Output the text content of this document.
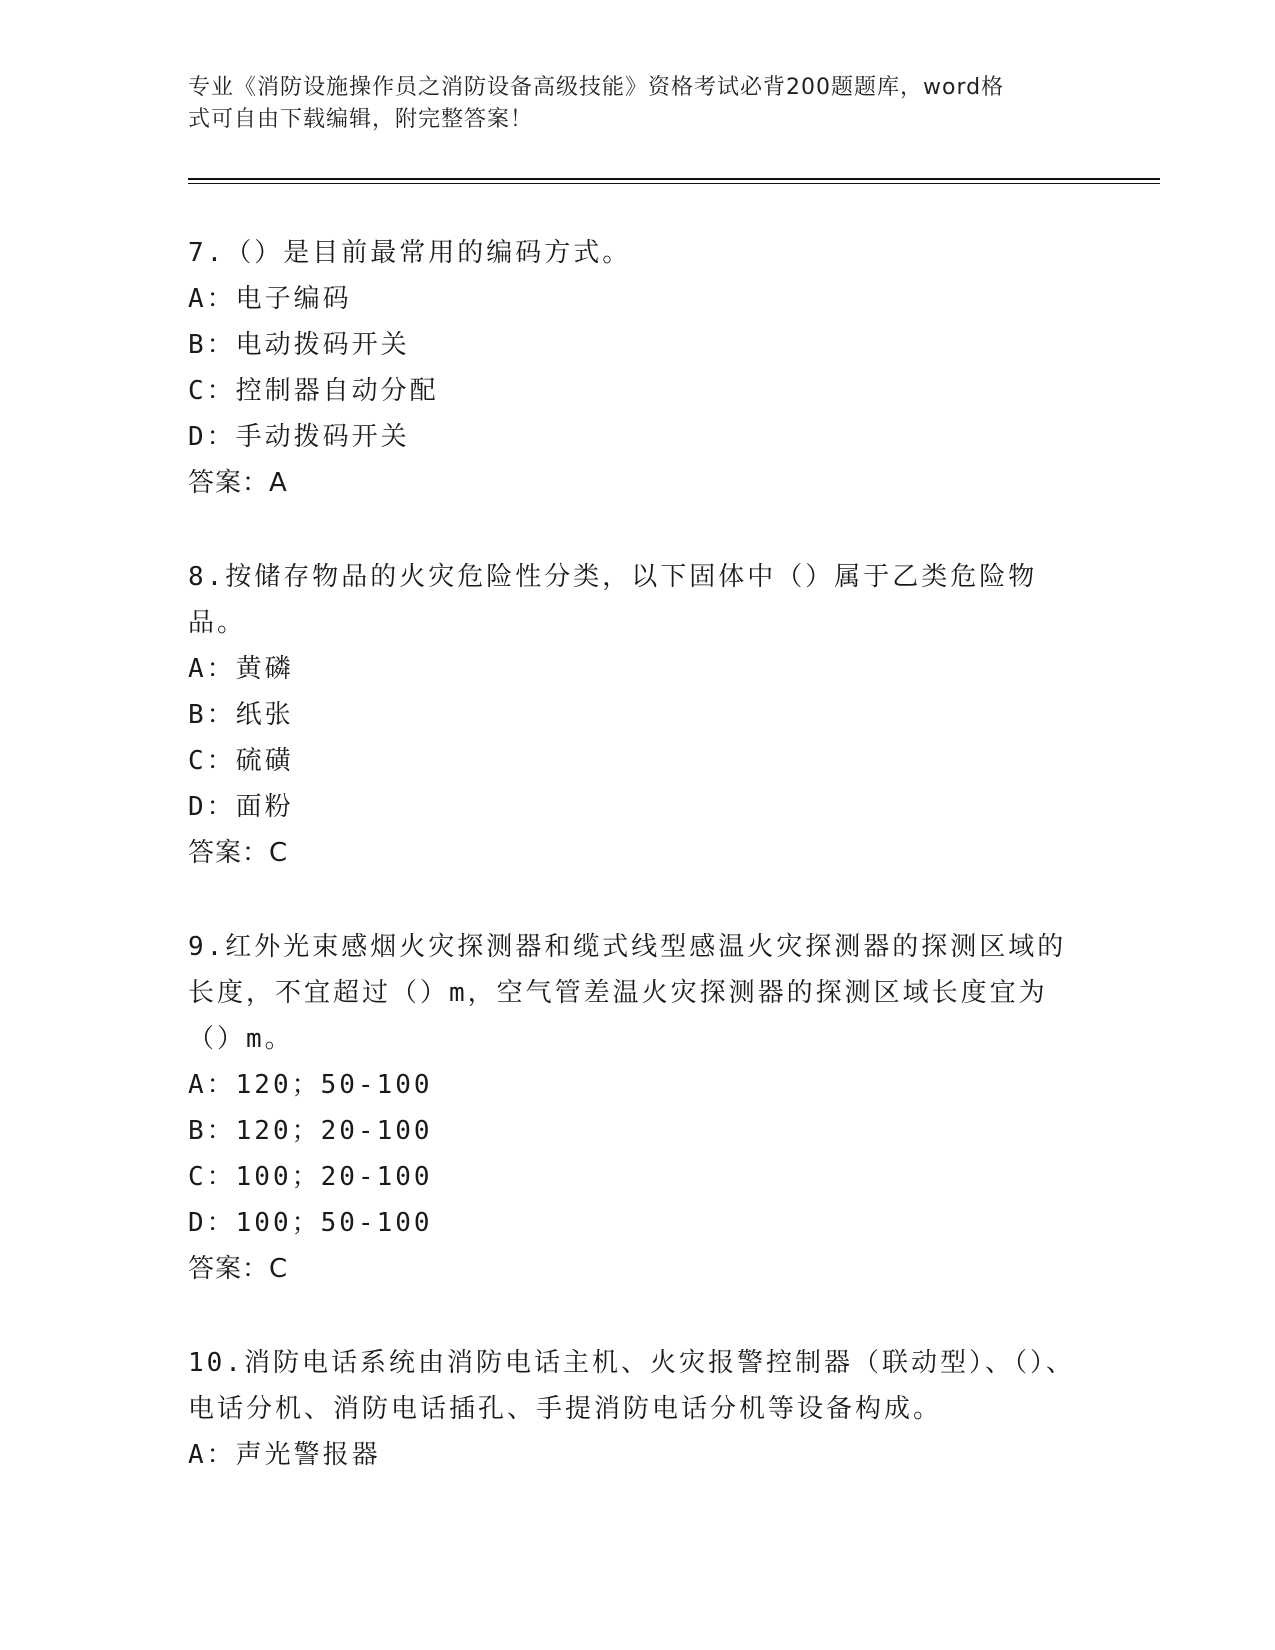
专业《消防设施操作员之消防设备高级技能》资格考试必背200题题库，word格
式可自由下载编辑，附完整答案！
7.（）是目前最常用的编码方式。
A：电子编码
B：电动拨码开关
C：控制器自动分配
D：手动拨码开关
答案：A
8.按储存物品的火灾危险性分类，以下固体中（）属于乙类危险物品。
A：黄磷
B：纸张
C：硫磺
D：面粉
答案：C
9.红外光束感烟火灾探测器和缆式线型感温火灾探测器的探测区域的长度，不宜超过（）m，空气管差温火灾探测器的探测区域长度宜为（）m。
A：120；50-100
B：120；20-100
C：100；20-100
D：100；50-100
答案：C
10.消防电话系统由消防电话主机、火灾报警控制器（联动型）、（）、电话分机、消防电话插孔、手提消防电话分机等设备构成。
A：声光警报器
